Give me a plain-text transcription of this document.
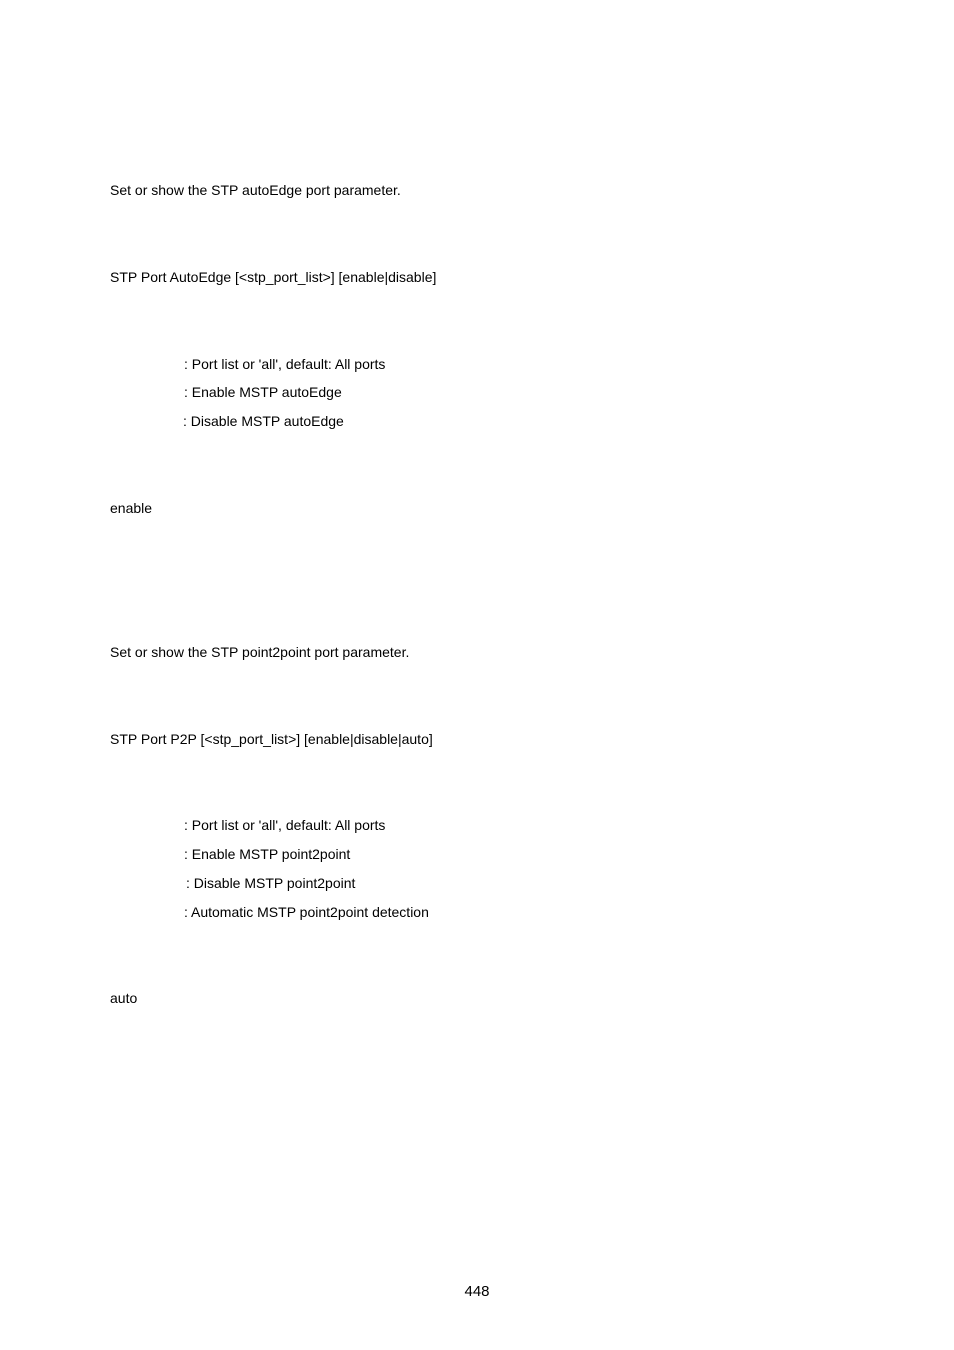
Set or show the STP autoEdge port parameter.
STP Port AutoEdge [<stp_port_list>] [enable|disable]
: Port list or 'all', default: All ports
: Enable MSTP autoEdge
: Disable MSTP autoEdge
enable
Set or show the STP point2point port parameter.
STP Port P2P [<stp_port_list>] [enable|disable|auto]
: Port list or 'all', default: All ports
: Enable MSTP point2point
: Disable MSTP point2point
: Automatic MSTP point2point detection
auto
448
